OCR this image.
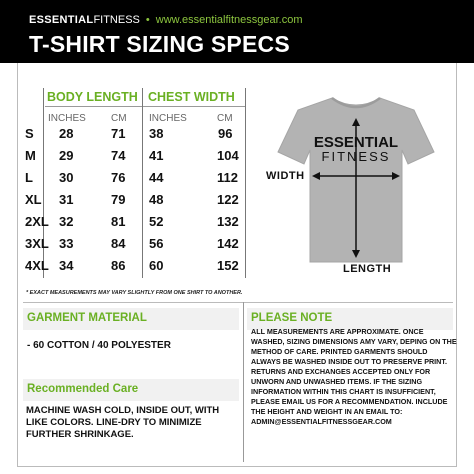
ESSENTIALFITNESS • www.essentialfitnessgear.com
T-SHIRT SIZING SPECS
BODY LENGTH CHEST WIDTH
INCHES	CM INCHES	CM
S 28	71 38	96
M 29	74 41	104
L 30	76 44	112
XL 31	79 48	122
2XL 32	81 52	132
3XL 33	84 56	142
4XL 34	86 60	152
* EXACT MEASUREMENTS MAY VARY SLIGHTLY FROM ONE SHIRT TO ANOTHER.
ESSENTIAL
FITNESS
WIDTH
LENGTH
GARMENT MATERIAL
- 60 COTTON / 40 POLYESTER
Recommended Care
MACHINE WASH COLD, INSIDE OUT, WITH LIKE COLORS. LINE-DRY TO MINIMIZE FURTHER SHRINKAGE.
PLEASE NOTE
ALL MEASUREMENTS ARE APPROXIMATE. ONCE WASHED, SIZING DIMENSIONS AMY VARY, DEPING ON THE METHOD OF CARE. PRINTED GARMENTS SHOULD ALWAYS BE WASHED INSIDE OUT TO PRESERVE PRINT. RETURNS AND EXCHANGES ACCEPTED ONLY FOR UNWORN AND UNWASHED ITEMS. IF THE SIZING INFORMATION WITHIN THIS CHART IS INSUFFICIENT, PLEASE EMAIL US FOR A RECOMMENDATION. INCLUDE THE HEIGHT AND WEIGHT IN AN EMAIL TO: ADMIN@ESSENTIALFITNESSGEAR.COM
